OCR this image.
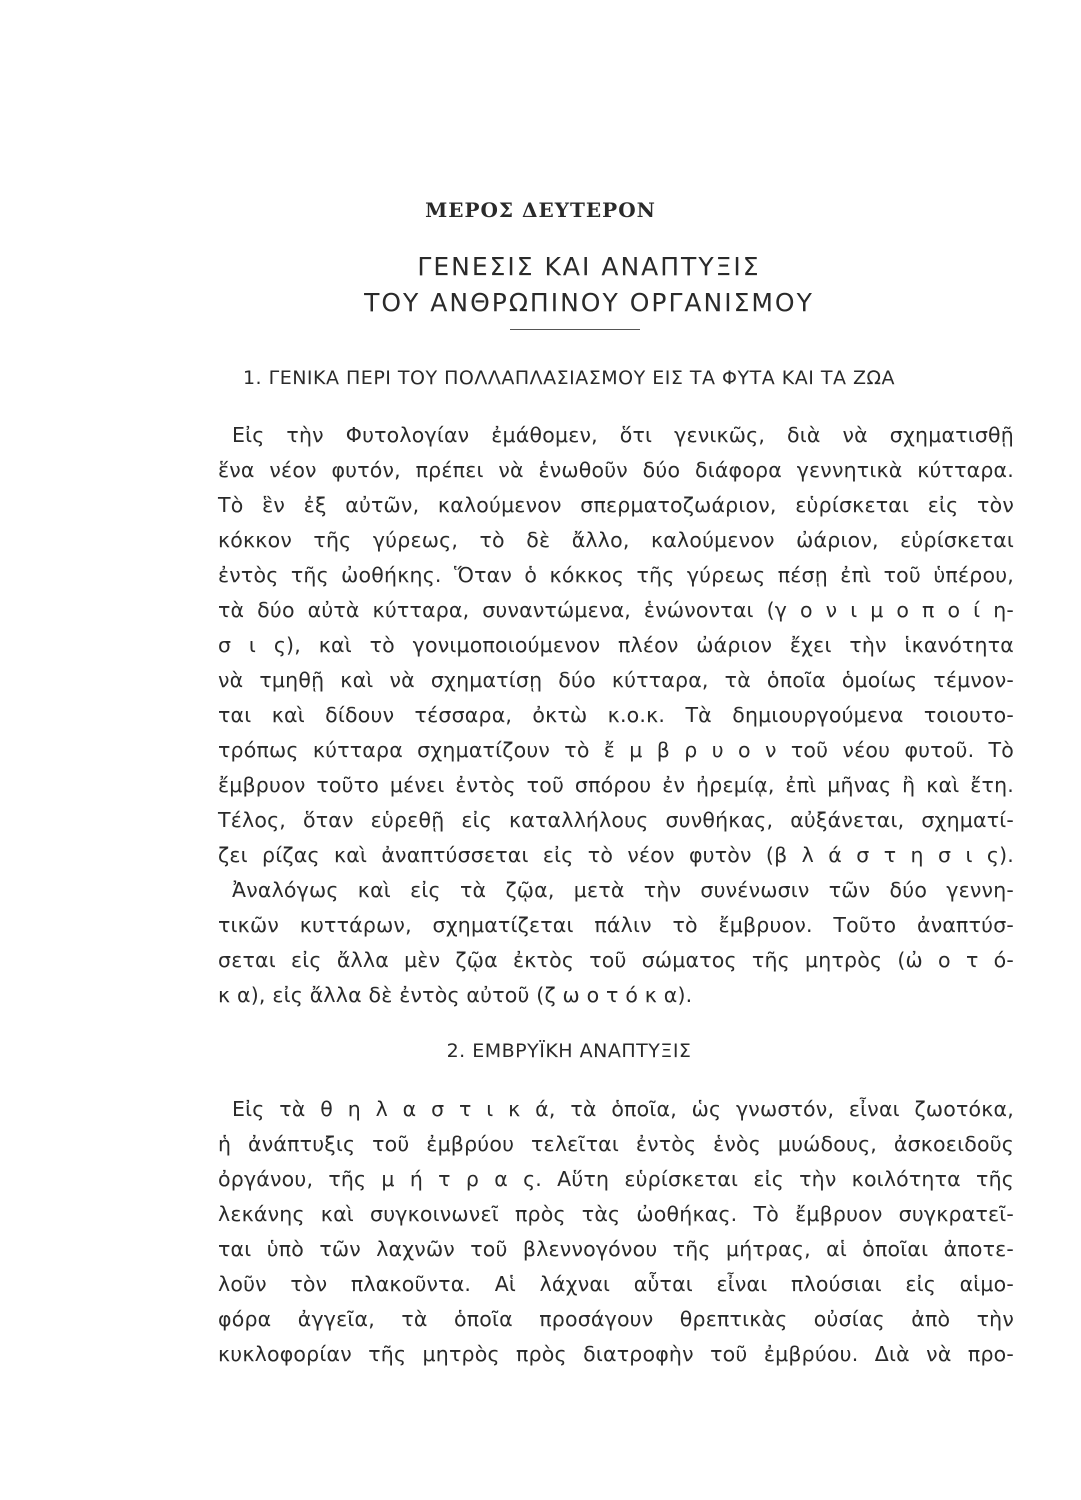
ΜΕΡΟΣ ΔΕΥΤΕΡΟΝ
ΓΕΝΕΣΙΣ ΚΑΙ ΑΝΑΠΤΥΞΙΣ
ΤΟΥ ΑΝΘΡΩΠΙΝΟΥ ΟΡΓΑΝΙΣΜΟΥ
1. ΓΕΝΙΚΑ ΠΕΡΙ ΤΟΥ ΠΟΛΛΑΠΛΑΣΙΑΣΜΟΥ ΕΙΣ ΤΑ ΦΥΤΑ ΚΑΙ ΤΑ ΖΩΑ
Εἰς τὴν Φυτολογίαν ἐμάθομεν, ὅτι γενικῶς, διὰ νὰ σχηματισθῇ
ἕνα νέον φυτόν, πρέπει νὰ ἑνωθοῦν δύο διάφορα γεννητικὰ κύτταρα.
Τὸ ἓν ἐξ αὐτῶν, καλούμενον σπερματοζωάριον, εὑρίσκεται εἰς τὸν
κόκκον τῆς γύρεως, τὸ δὲ ἄλλο, καλούμενον ὠάριον, εὑρίσκεται
ἐντὸς τῆς ὠοθήκης. Ὅταν ὁ κόκκος τῆς γύρεως πέσῃ ἐπὶ τοῦ ὑπέρου,
τὰ δύο αὐτὰ κύτταρα, συναντώμενα, ἑνώνονται (γ ο ν ι μ ο π ο ί η-
σ ι ς), καὶ τὸ γονιμοποιούμενον πλέον ὠάριον ἔχει τὴν ἱκανότητα
νὰ τμηθῇ καὶ νὰ σχηματίσῃ δύο κύτταρα, τὰ ὁποῖα ὁμοίως τέμνον-
ται καὶ δίδουν τέσσαρα, ὀκτὼ κ.ο.κ. Τὰ δημιουργούμενα τοιουτο-
τρόπως κύτταρα σχηματίζουν τὸ ἔ μ β ρ υ ο ν τοῦ νέου φυτοῦ. Τὸ
ἔμβρυον τοῦτο μένει ἐντὸς τοῦ σπόρου ἐν ἠρεμίᾳ, ἐπὶ μῆνας ἢ καὶ ἔτη.
Τέλος, ὅταν εὑρεθῇ εἰς καταλλήλους συνθήκας, αὐξάνεται, σχηματί-
ζει ρίζας καὶ ἀναπτύσσεται εἰς τὸ νέον φυτὸν (β λ ά σ τ η σ ι ς).
Ἀναλόγως καὶ εἰς τὰ ζῷα, μετὰ τὴν συνένωσιν τῶν δύο γεννη-
τικῶν κυττάρων, σχηματίζεται πάλιν τὸ ἔμβρυον. Τοῦτο ἀναπτύσ-
σεται εἰς ἄλλα μὲν ζῷα ἐκτὸς τοῦ σώματος τῆς μητρὸς (ὠ ο τ ό-
κ α), εἰς ἄλλα δὲ ἐντὸς αὐτοῦ (ζ ω ο τ ό κ α).
2. ΕΜΒΡΥΪΚΗ ΑΝΑΠΤΥΞΙΣ
Εἰς τὰ θ η λ α σ τ ι κ ά, τὰ ὁποῖα, ὡς γνωστόν, εἶναι ζωοτόκα,
ἡ ἀνάπτυξις τοῦ ἐμβρύου τελεῖται ἐντὸς ἑνὸς μυώδους, ἀσκοειδοῦς
ὀργάνου, τῆς μ ή τ ρ α ς. Αὕτη εὑρίσκεται εἰς τὴν κοιλότητα τῆς
λεκάνης καὶ συγκοινωνεῖ πρὸς τὰς ὠοθήκας. Τὸ ἔμβρυον συγκρατεῖ-
ται ὑπὸ τῶν λαχνῶν τοῦ βλεννογόνου τῆς μήτρας, αἱ ὁποῖαι ἀποτε-
λοῦν τὸν πλακοῦντα. Αἱ λάχναι αὗται εἶναι πλούσιαι εἰς αἱμο-
φόρα ἀγγεῖα, τὰ ὁποῖα προσάγουν θρεπτικὰς οὐσίας ἀπὸ τὴν
κυκλοφορίαν τῆς μητρὸς πρὸς διατροφὴν τοῦ ἐμβρύου. Διὰ νὰ προ-
